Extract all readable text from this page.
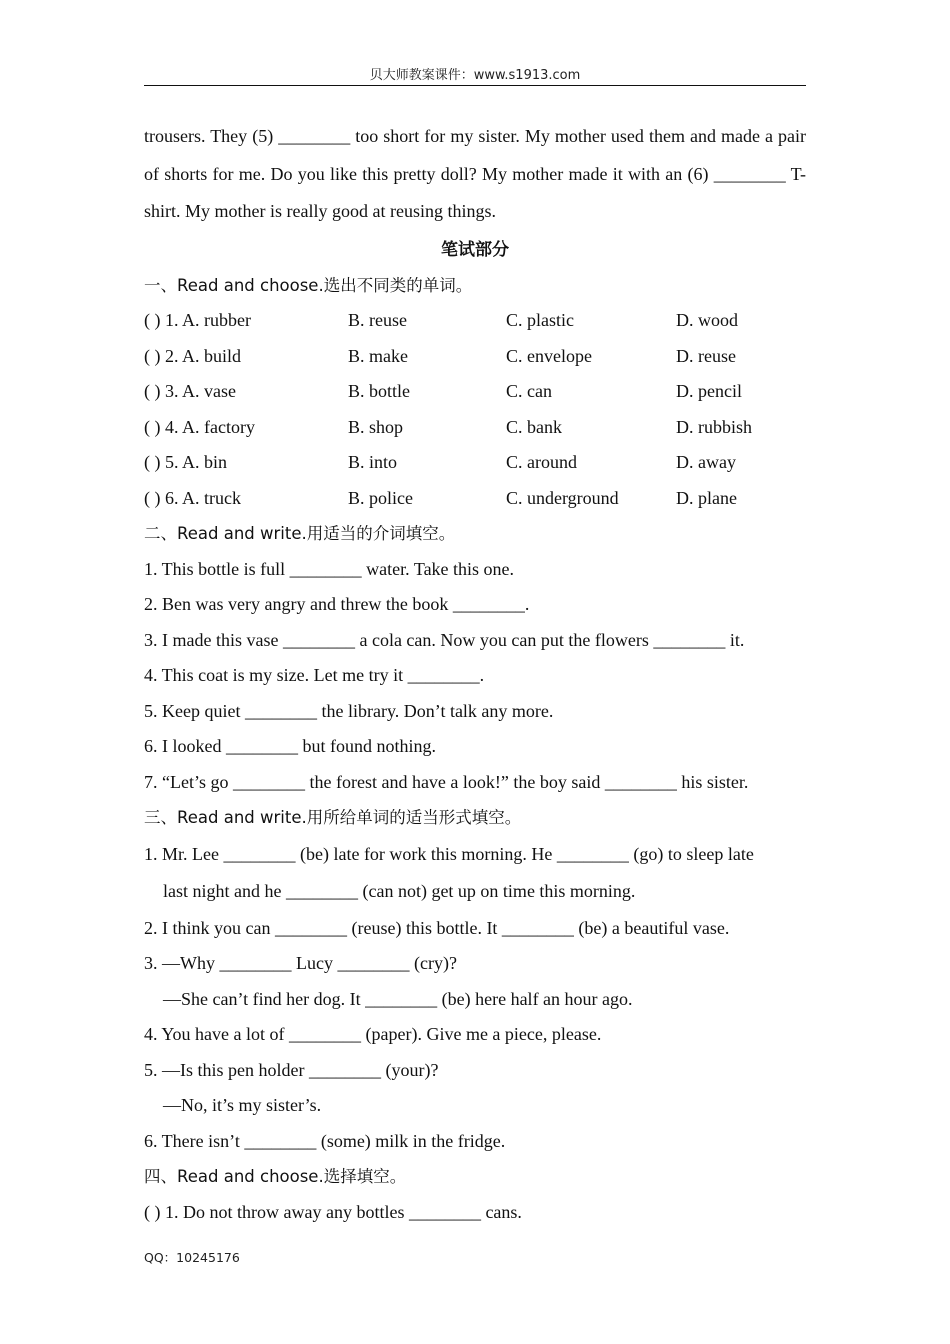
贝大师教案课件：www.s1913.com

trousers. They (5) ________ too short for my sister. My mother used them and made a pair of shorts for me. Do you like this pretty doll? My mother made it with an (6) ________ T-shirt. My mother is really good at reusing things.

笔试部分
一、Read and choose.选出不同类的单词。
( ) 1. A. rubber	B. reuse	C. plastic	D. wood
( ) 2. A. build	B. make	C. envelope	D. reuse
( ) 3. A. vase	B. bottle	C. can	D. pencil
( ) 4. A. factory	B. shop	C. bank	D. rubbish
( ) 5. A. bin	B. into	C. around	D. away
( ) 6. A. truck	B. police	C. underground	D. plane
二、Read and write.用适当的介词填空。
1. This bottle is full ________ water. Take this one.
2. Ben was very angry and threw the book ________.
3. I made this vase ________ a cola can. Now you can put the flowers ________ it.
4. This coat is my size. Let me try it ________.
5. Keep quiet ________ the library. Don’t talk any more.
6. I looked ________ but found nothing.
7. “Let’s go ________ the forest and have a look!” the boy said ________ his sister.
三、Read and write.用所给单词的适当形式填空。
1. Mr. Lee ________ (be) late for work this morning. He ________ (go) to sleep late
last night and he ________ (can not) get up on time this morning.
2. I think you can ________ (reuse) this bottle. It ________ (be) a beautiful vase.
3. —Why ________ Lucy ________ (cry)?
—She can’t find her dog. It ________ (be) here half an hour ago.
4. You have a lot of ________ (paper). Give me a piece, please.
5. —Is this pen holder ________ (your)?
—No, it’s my sister’s.
6. There isn’t ________ (some) milk in the fridge.
四、Read and choose.选择填空。
( ) 1. Do not throw away any bottles ________ cans.
QQ：10245176
